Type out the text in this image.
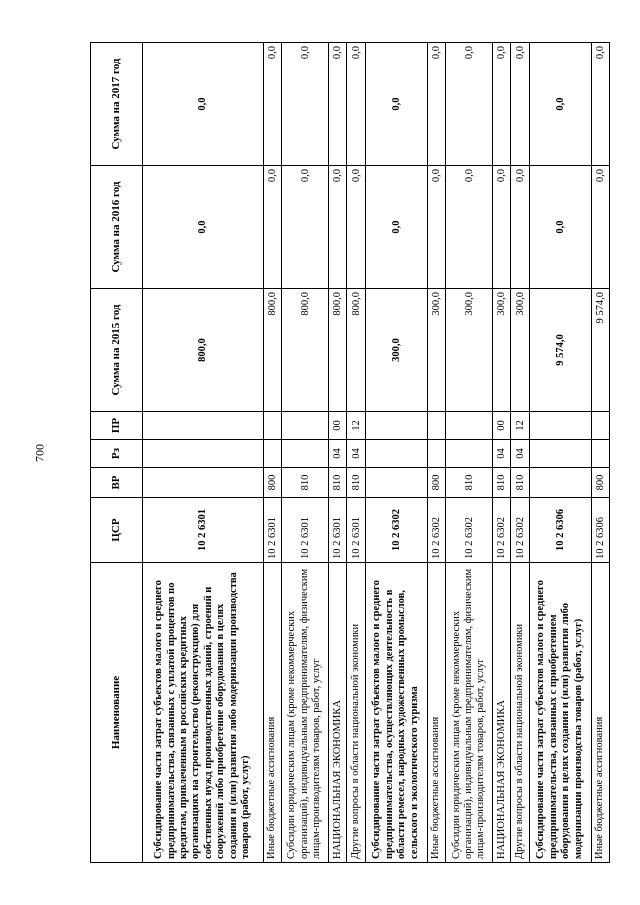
700
Наименование	ЦСР	ВР	Рз	ПР	Сумма на 2015 год	Сумма на 2016 год	Сумма на 2017 год
Субсидирование части затрат субъектов малого и среднего предпринимательства, связанных с уплатой процентов по кредитам, привлеченным в российских кредитных организациях на строительство (реконструкцию) для собственных нужд производственных зданий, строений и сооружений либо приобретение оборудования в целях создания и (или) развития либо модернизации производства товаров (работ, услуг)	10 2 6301				800,0	0,0	0,0
Иные бюджетные ассигнования	10 2 6301	800			800,0	0,0	0,0
Субсидии юридическим лицам (кроме некоммерческих организаций), индивидуальным предпринимателям, физическим лицам-производителям товаров, работ, услуг	10 2 6301	810			800,0	0,0	0,0
НАЦИОНАЛЬНАЯ ЭКОНОМИКА	10 2 6301	810	04	00	800,0	0,0	0,0
Другие вопросы в области национальной экономики	10 2 6301	810	04	12	800,0	0,0	0,0
Субсидирование части затрат субъектов малого и среднего предпринимательства, осуществляющих деятельность в области ремесел, народных художественных промыслов, сельского и экологического туризма	10 2 6302				300,0	0,0	0,0
Иные бюджетные ассигнования	10 2 6302	800			300,0	0,0	0,0
Субсидии юридическим лицам (кроме некоммерческих организаций), индивидуальным предпринимателям, физическим лицам-производителям товаров, работ, услуг	10 2 6302	810			300,0	0,0	0,0
НАЦИОНАЛЬНАЯ ЭКОНОМИКА	10 2 6302	810	04	00	300,0	0,0	0,0
Другие вопросы в области национальной экономики	10 2 6302	810	04	12	300,0	0,0	0,0
Субсидирование части затрат субъектов малого и среднего предпринимательства, связанных с приобретением оборудования в целях создания и (или) развития либо модернизации производства товаров (работ, услуг)	10 2 6306				9 574,0	0,0	0,0
Иные бюджетные ассигнования	10 2 6306	800			9 574,0	0,0	0,0
